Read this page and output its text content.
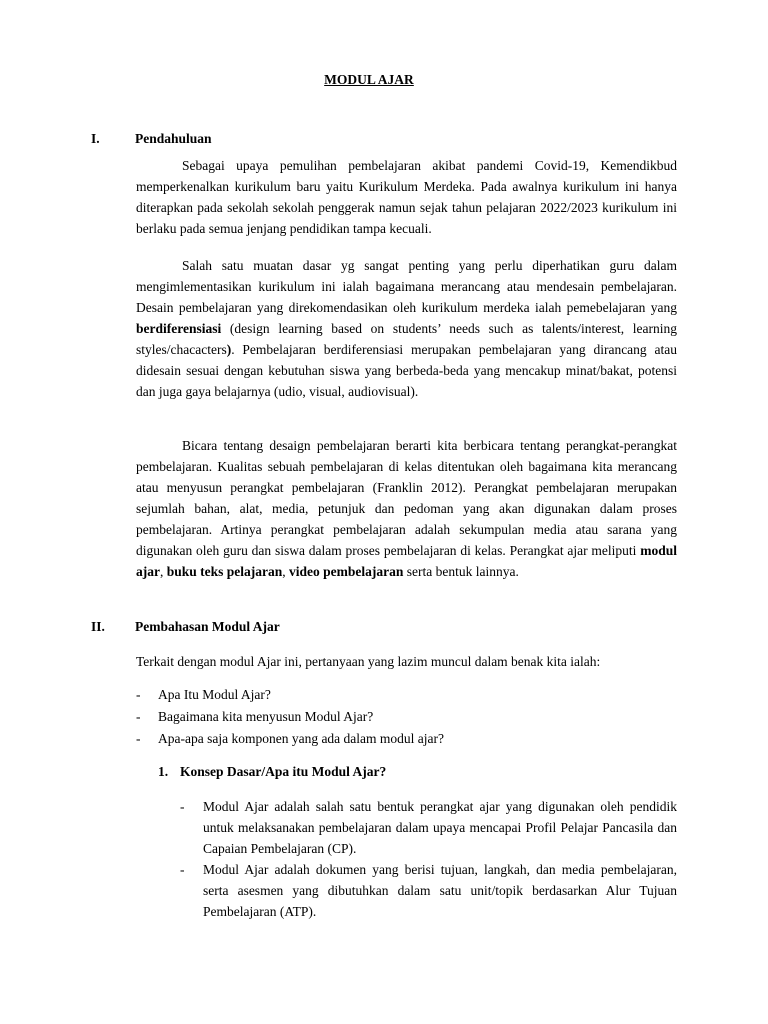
MODUL AJAR
I.	Pendahuluan

Sebagai upaya pemulihan pembelajaran akibat pandemi Covid-19, Kemendikbud memperkenalkan kurikulum baru yaitu Kurikulum Merdeka. Pada awalnya kurikulum ini hanya diterapkan pada sekolah sekolah penggerak namun sejak tahun pelajaran 2022/2023 kurikulum ini berlaku pada semua jenjang pendidikan tampa kecuali.

Salah satu muatan dasar yg sangat penting yang perlu diperhatikan guru dalam mengimlementasikan kurikulum ini ialah bagaimana merancang atau mendesain pembelajaran. Desain pembelajaran yang direkomendasikan oleh kurikulum merdeka ialah pemebelajaran yang berdiferensiasi (design learning based on students’ needs such as talents/interest, learning styles/chacacters). Pembelajaran berdiferensiasi merupakan pembelajaran yang dirancang atau didesain sesuai dengan kebutuhan siswa yang berbeda-beda yang mencakup minat/bakat, potensi dan juga gaya belajarnya (udio, visual, audiovisual).

Bicara tentang desaign pembelajaran berarti kita berbicara tentang perangkat-perangkat pembelajaran. Kualitas sebuah pembelajaran di kelas ditentukan oleh bagaimana kita merancang atau menyusun perangkat pembelajaran (Franklin 2012). Perangkat pembelajaran merupakan sejumlah bahan, alat, media, petunjuk dan pedoman yang akan digunakan dalam proses pembelajaran. Artinya perangkat pembelajaran adalah sekumpulan media atau sarana yang digunakan oleh guru dan siswa dalam proses pembelajaran di kelas. Perangkat ajar meliputi modul ajar, buku teks pelajaran, video pembelajaran serta bentuk lainnya.

II. Pembahasan Modul Ajar
Terkait dengan modul Ajar ini, pertanyaan yang lazim muncul dalam benak kita ialah:
- Apa Itu Modul Ajar?
- Bagaimana kita menyusun Modul Ajar?
- Apa-apa saja komponen yang ada dalam modul ajar?
1. Konsep Dasar/Apa itu Modul Ajar?
- Modul Ajar adalah salah satu bentuk perangkat ajar yang digunakan oleh pendidik untuk melaksanakan pembelajaran dalam upaya mencapai Profil Pelajar Pancasila dan Capaian Pembelajaran (CP).
- Modul Ajar adalah dokumen yang berisi tujuan, langkah, dan media pembelajaran, serta asesmen yang dibutuhkan dalam satu unit/topik berdasarkan Alur Tujuan Pembelajaran (ATP).
